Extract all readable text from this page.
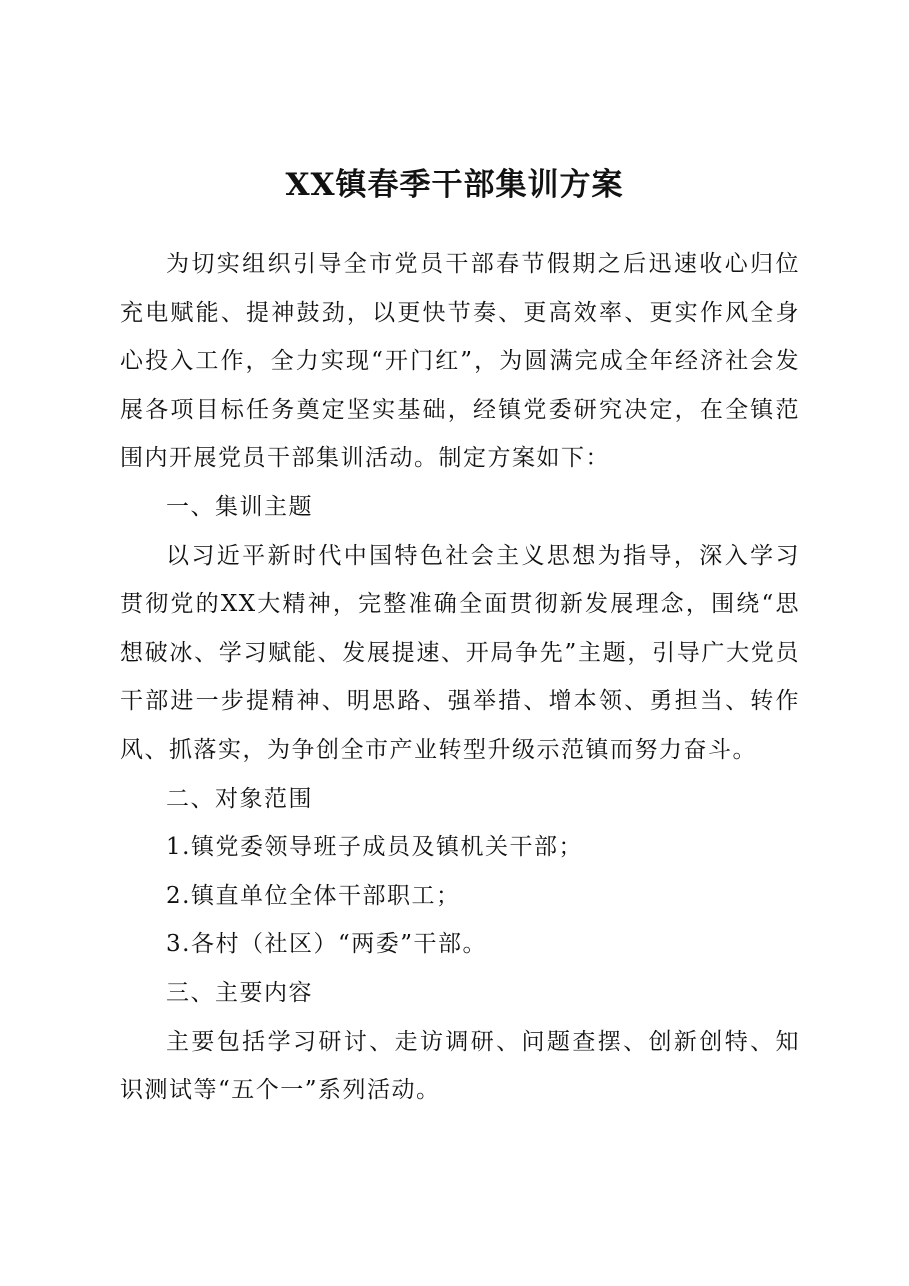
XX镇春季干部集训方案

为切实组织引导全市党员干部春节假期之后迅速收心归位充电赋能、提神鼓劲，以更快节奏、更高效率、更实作风全身心投入工作，全力实现“开门红”，为圆满完成全年经济社会发展各项目标任务奠定坚实基础，经镇党委研究决定，在全镇范围内开展党员干部集训活动。制定方案如下：

一、集训主题

以习近平新时代中国特色社会主义思想为指导，深入学习贯彻党的XX大精神，完整准确全面贯彻新发展理念，围绕“思想破冰、学习赋能、发展提速、开局争先”主题，引导广大党员干部进一步提精神、明思路、强举措、增本领、勇担当、转作风、抓落实，为争创全市产业转型升级示范镇而努力奋斗。

二、对象范围

1.镇党委领导班子成员及镇机关干部；

2.镇直单位全体干部职工；

3.各村（社区）“两委”干部。

三、主要内容

主要包括学习研讨、走访调研、问题查摆、创新创特、知识测试等“五个一”系列活动。
